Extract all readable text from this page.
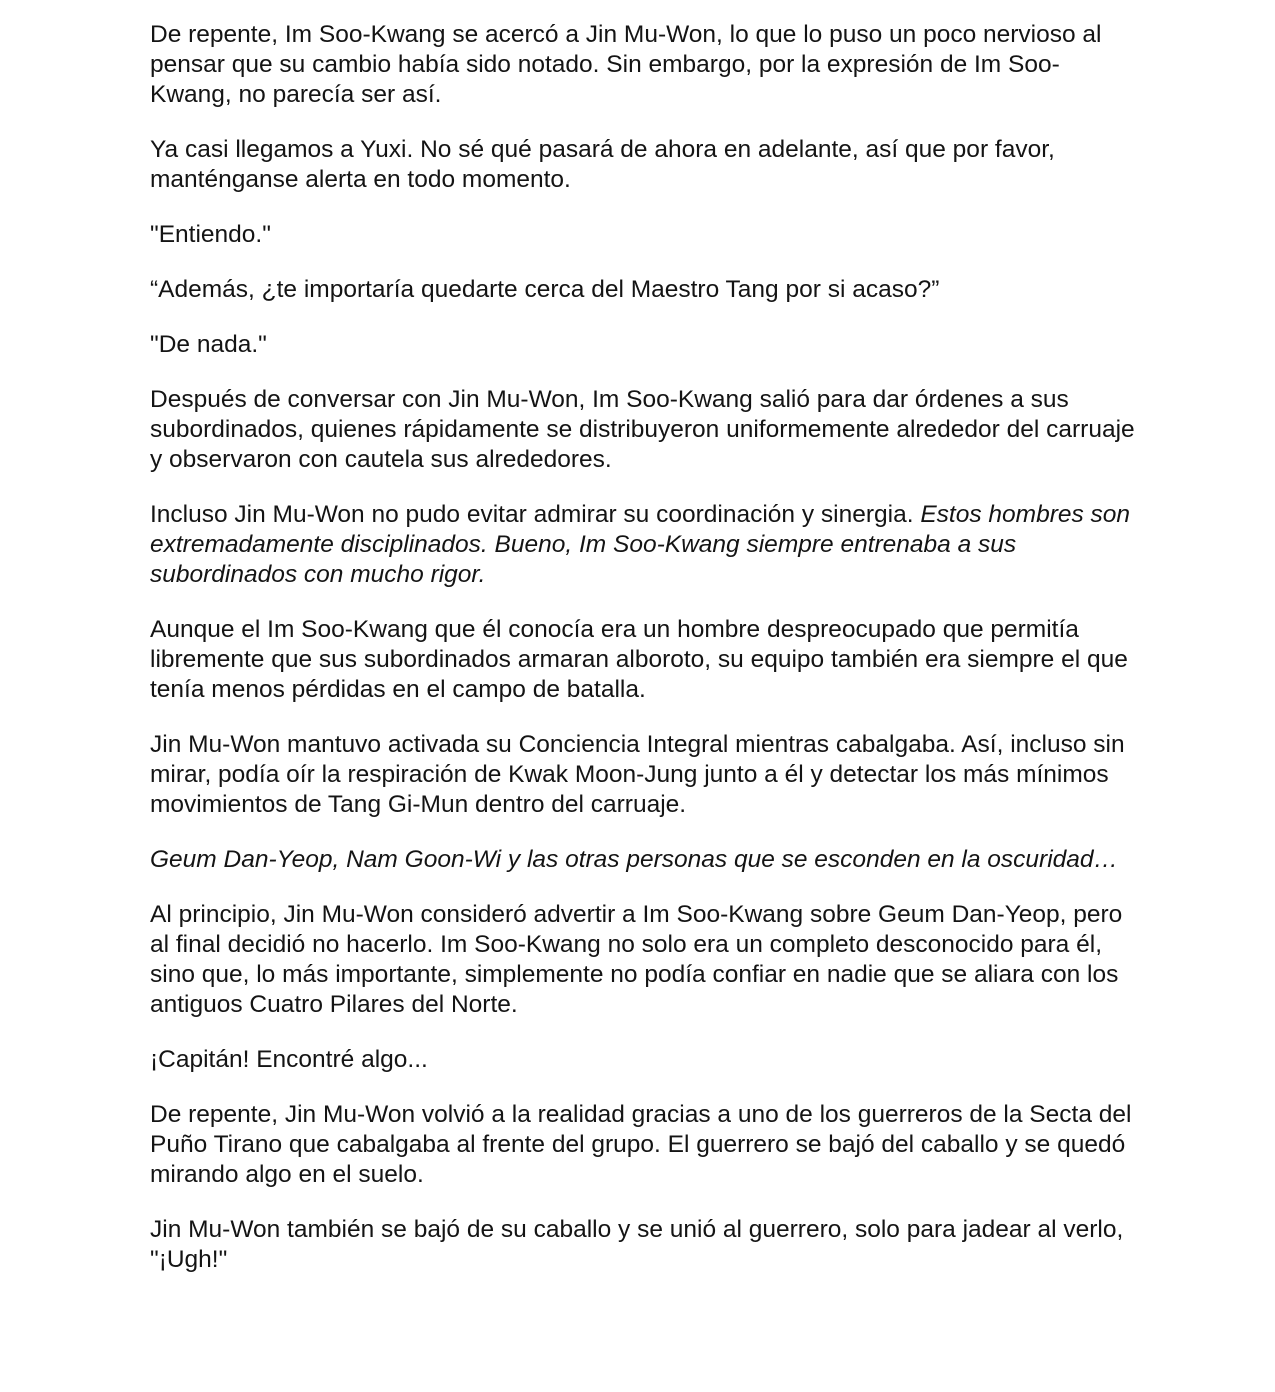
De repente, Im Soo-Kwang se acercó a Jin Mu-Won, lo que lo puso un poco nervioso al pensar que su cambio había sido notado. Sin embargo, por la expresión de Im Soo-Kwang, no parecía ser así.

Ya casi llegamos a Yuxi. No sé qué pasará de ahora en adelante, así que por favor, manténganse alerta en todo momento.

"Entiendo."

“Además, ¿te importaría quedarte cerca del Maestro Tang por si acaso?”

"De nada."

Después de conversar con Jin Mu-Won, Im Soo-Kwang salió para dar órdenes a sus subordinados, quienes rápidamente se distribuyeron uniformemente alrededor del carruaje y observaron con cautela sus alrededores.

Incluso Jin Mu-Won no pudo evitar admirar su coordinación y sinergia. Estos hombres son extremadamente disciplinados. Bueno, Im Soo-Kwang siempre entrenaba a sus subordinados con mucho rigor.

Aunque el Im Soo-Kwang que él conocía era un hombre despreocupado que permitía libremente que sus subordinados armaran alboroto, su equipo también era siempre el que tenía menos pérdidas en el campo de batalla.

Jin Mu-Won mantuvo activada su Conciencia Integral mientras cabalgaba. Así, incluso sin mirar, podía oír la respiración de Kwak Moon-Jung junto a él y detectar los más mínimos movimientos de Tang Gi-Mun dentro del carruaje.

Geum Dan-Yeop, Nam Goon-Wi y las otras personas que se esconden en la oscuridad…

Al principio, Jin Mu-Won consideró advertir a Im Soo-Kwang sobre Geum Dan-Yeop, pero al final decidió no hacerlo. Im Soo-Kwang no solo era un completo desconocido para él, sino que, lo más importante, simplemente no podía confiar en nadie que se aliara con los antiguos Cuatro Pilares del Norte.

¡Capitán! Encontré algo...

De repente, Jin Mu-Won volvió a la realidad gracias a uno de los guerreros de la Secta del Puño Tirano que cabalgaba al frente del grupo. El guerrero se bajó del caballo y se quedó mirando algo en el suelo.

Jin Mu-Won también se bajó de su caballo y se unió al guerrero, solo para jadear al verlo, "¡Ugh!"
